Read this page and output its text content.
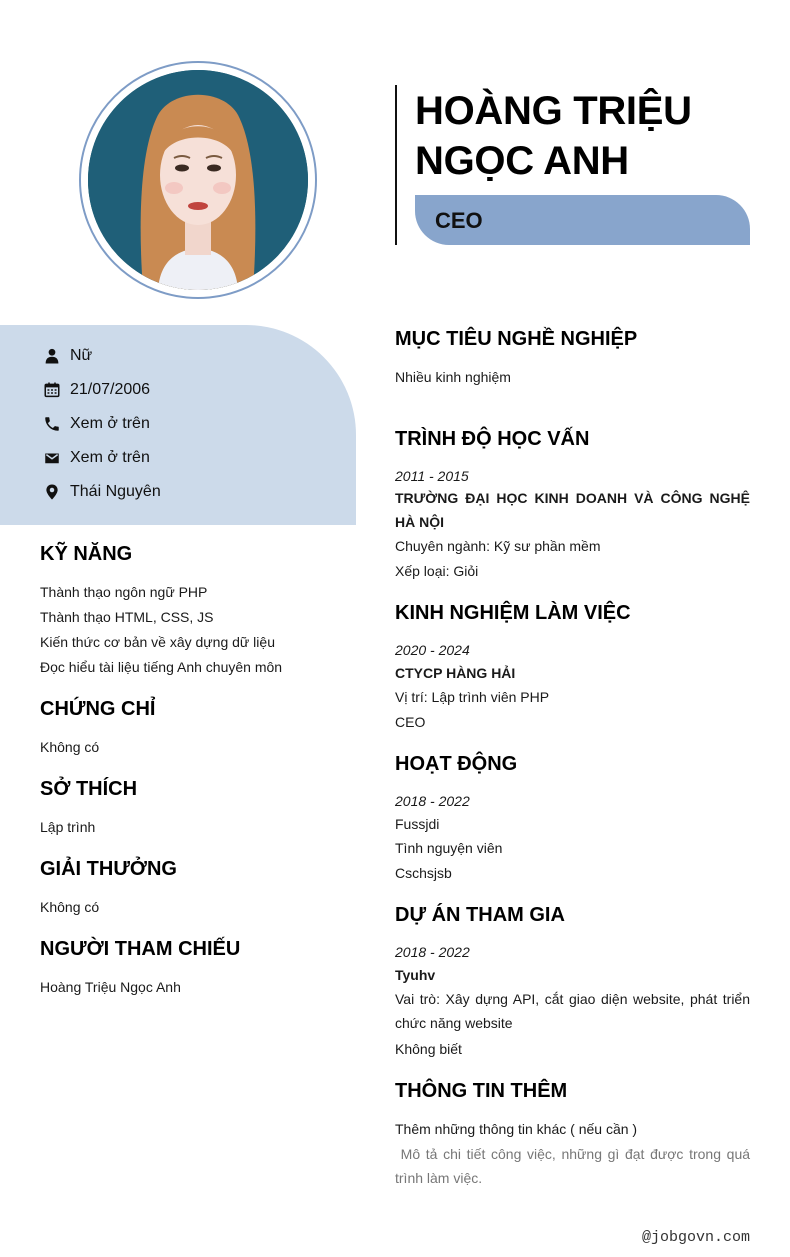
HOÀNG TRIỆU
NGỌC ANH
CEO
Nữ
21/07/2006
Xem ở trên
Xem ở trên
Thái Nguyên
KỸ NĂNG
Thành thạo ngôn ngữ PHP
Thành thạo HTML, CSS, JS
Kiến thức cơ bản về xây dựng dữ liệu
Đọc hiểu tài liệu tiếng Anh chuyên môn
CHỨNG CHỈ
Không có
SỞ THÍCH
Lập trình
GIẢI THƯỞNG
Không có
NGƯỜI THAM CHIẾU
Hoàng Triệu Ngọc Anh
MỤC TIÊU NGHỀ NGHIỆP
Nhiều kinh nghiệm
TRÌNH ĐỘ HỌC VẤN
2011 - 2015
TRƯỜNG ĐẠI HỌC KINH DOANH VÀ CÔNG NGHỆ HÀ NỘI
Chuyên ngành: Kỹ sư phần mềm
Xếp loại: Giỏi
KINH NGHIỆM LÀM VIỆC
2020 - 2024
CTYCP HÀNG HẢI
Vị trí: Lập trình viên PHP
CEO
HOẠT ĐỘNG
2018 - 2022
Fussjdi
Tình nguyện viên
Cschsjsb
DỰ ÁN THAM GIA
2018 - 2022
Tyuhv
Vai trò: Xây dựng API, cắt giao diện website, phát triển chức năng website
Không biết
THÔNG TIN THÊM
Thêm những thông tin khác ( nếu cần )
Mô tả chi tiết công việc, những gì đạt được trong quá trình làm việc.
@jobgovn.com
